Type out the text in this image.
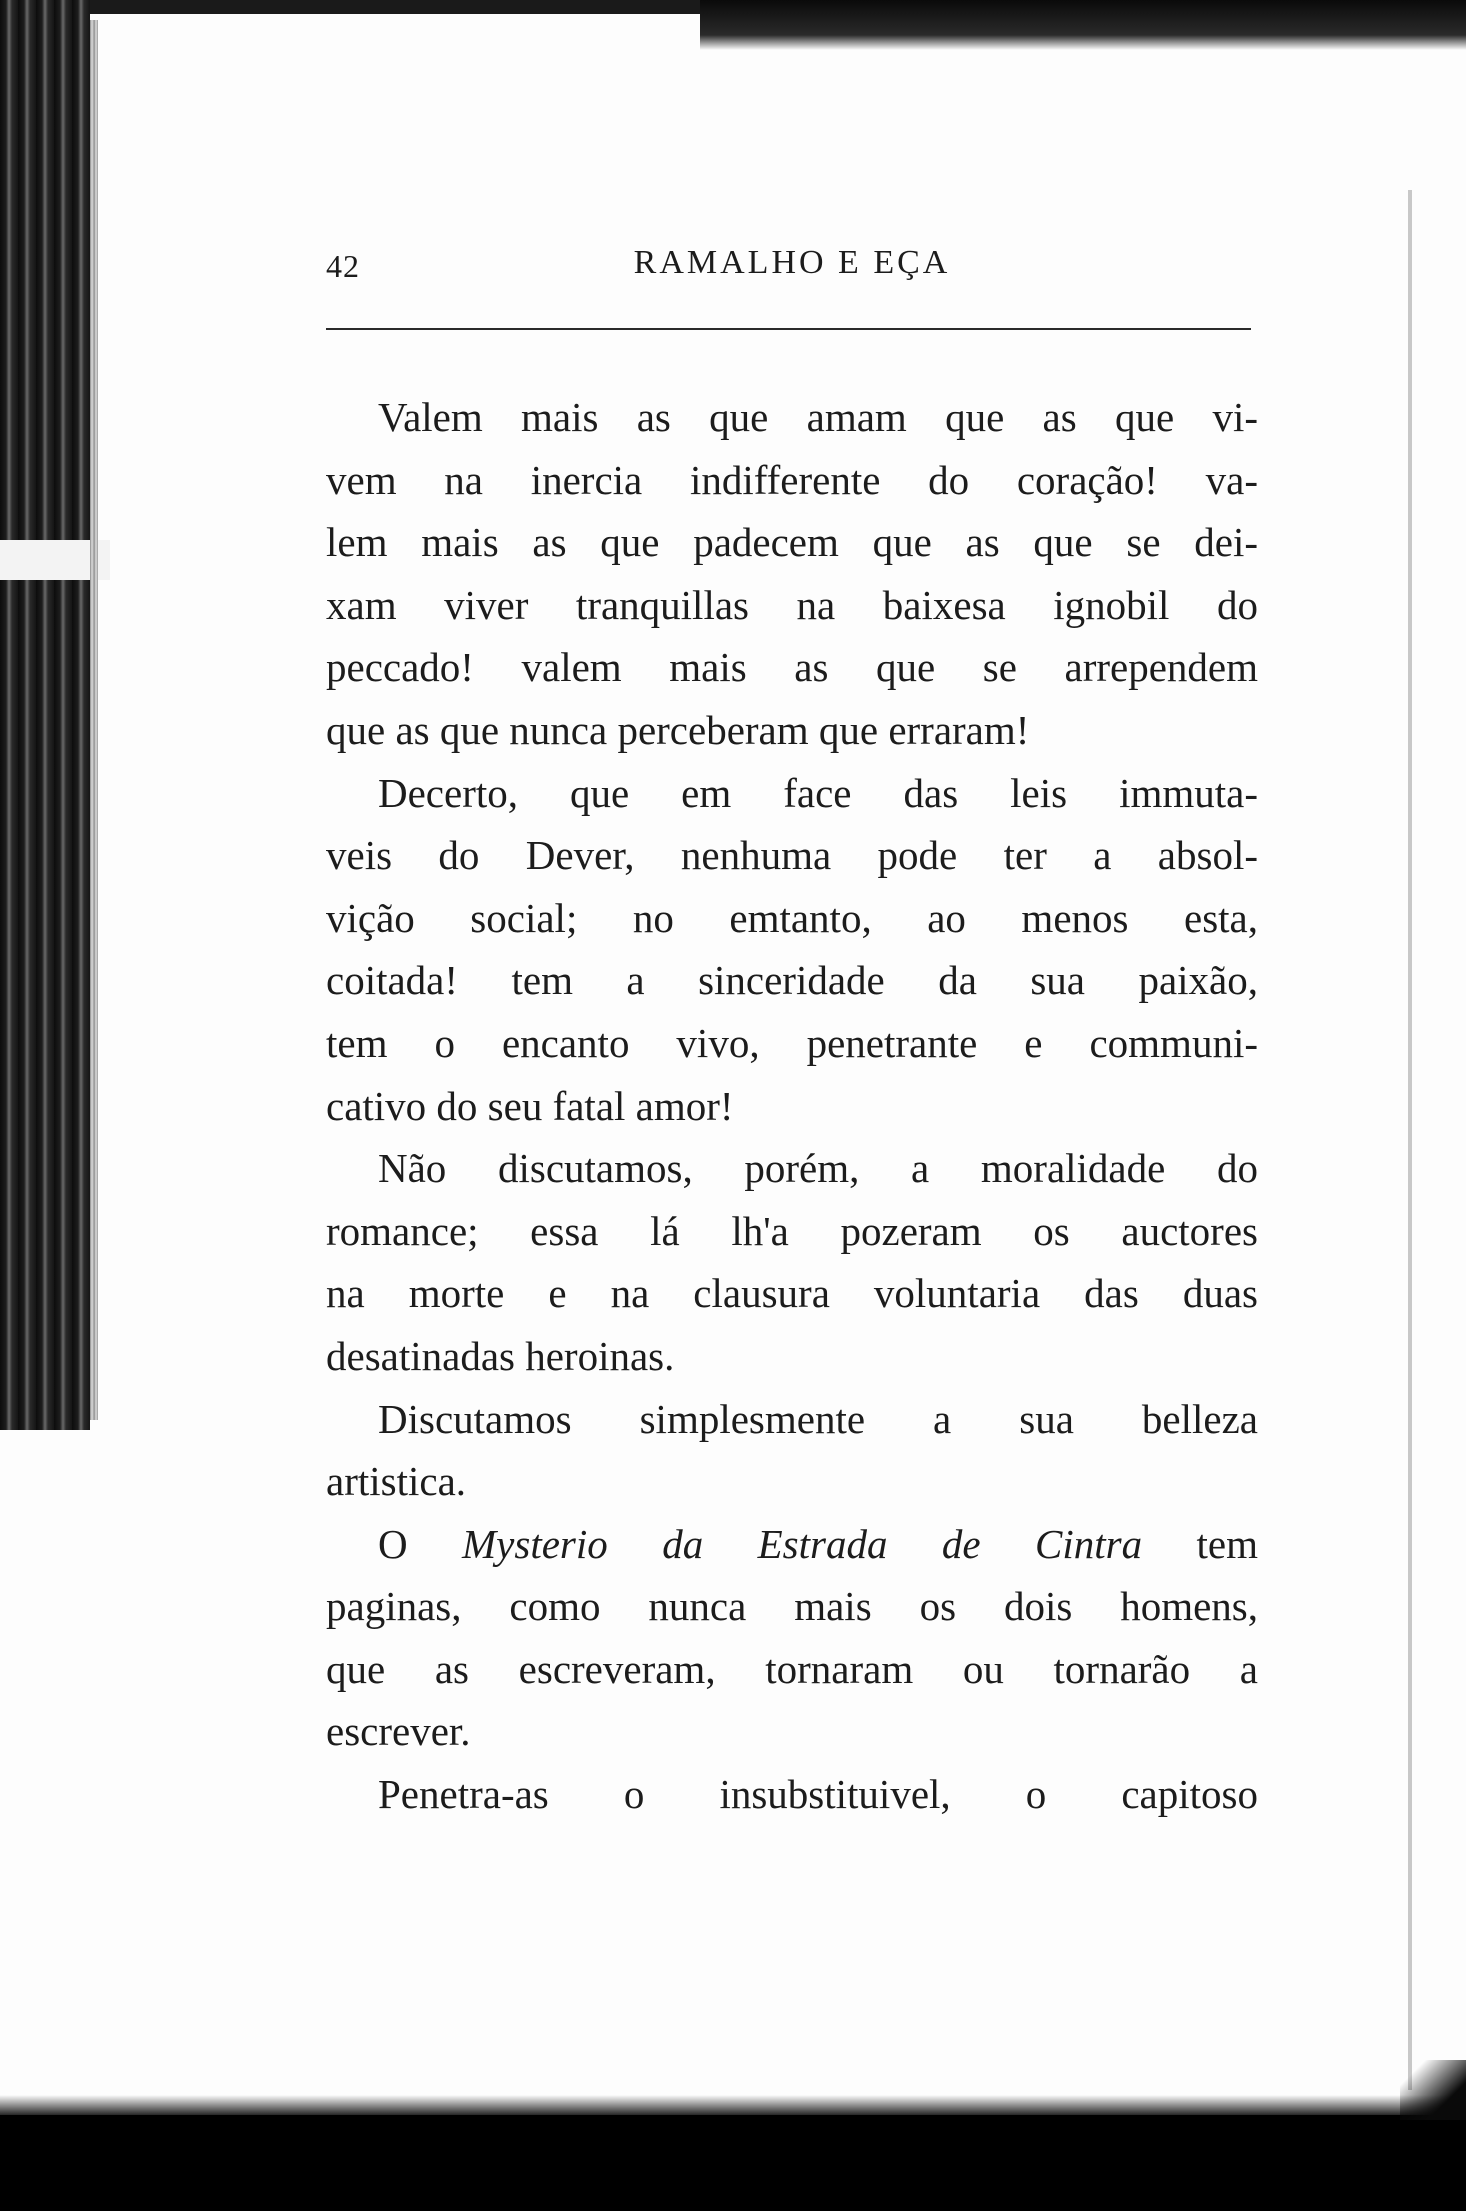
42	RAMALHO E EÇA
Valem mais as que amam que as que vi-
vem na inercia indifferente do coração! va-
lem mais as que padecem que as que se dei-
xam viver tranquillas na baixesa ignobil do
peccado! valem mais as que se arrependem
que as que nunca perceberam que erraram!
Decerto, que em face das leis immuta-
veis do Dever, nenhuma pode ter a absol-
vição social; no emtanto, ao menos esta,
coitada! tem a sinceridade da sua paixão,
tem o encanto vivo, penetrante e communi-
cativo do seu fatal amor!
Não discutamos, porém, a moralidade do
romance; essa lá lh'a pozeram os auctores
na morte e na clausura voluntaria das duas
desatinadas heroinas.
Discutamos simplesmente a sua belleza
artistica.
O Mysterio da Estrada de Cintra tem
paginas, como nunca mais os dois homens,
que as escreveram, tornaram ou tornarão a
escrever.
Penetra-as o insubstituivel, o capitoso
